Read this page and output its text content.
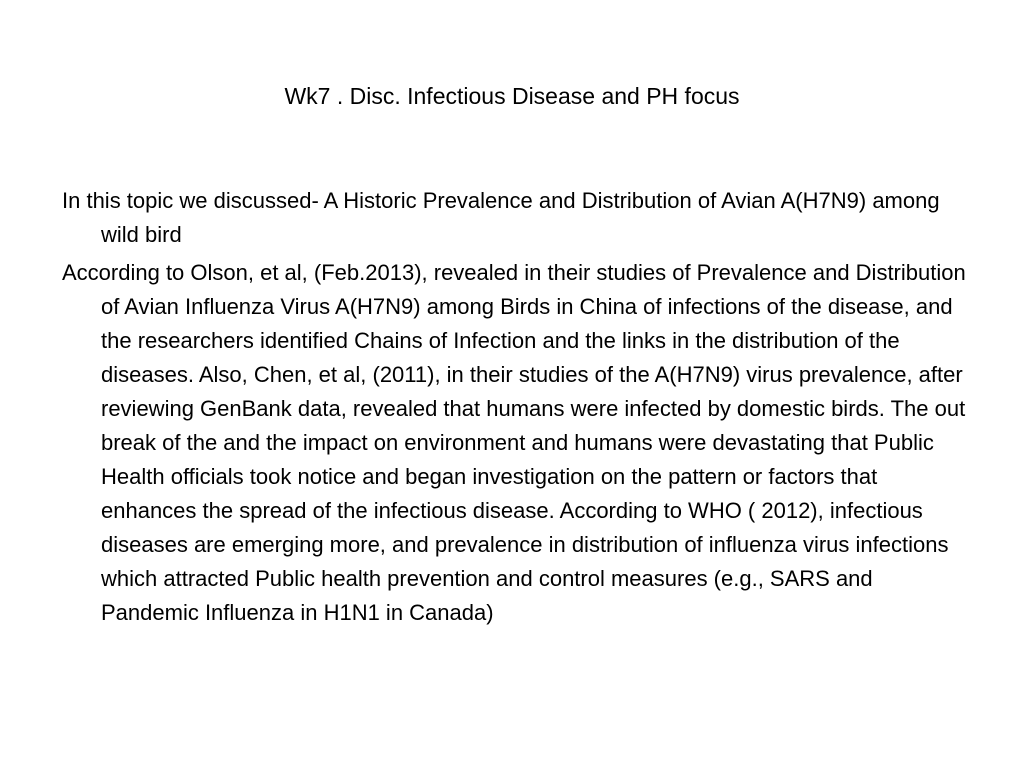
Wk7 . Disc. Infectious Disease and PH focus

In this topic we discussed- A Historic Prevalence and Distribution of Avian A(H7N9) among wild bird

According to Olson, et al, (Feb.2013), revealed in their studies of Prevalence and Distribution of Avian Influenza Virus A(H7N9) among Birds in China of infections of the disease, and the researchers identified Chains of Infection and the links in the distribution of the diseases. Also, Chen, et al, (2011), in their studies of the A(H7N9) virus prevalence, after reviewing GenBank data, revealed that humans were infected by domestic birds. The out break of the and the impact on environment and humans were devastating that Public Health officials took notice and began investigation on the pattern or factors that enhances the spread of the infectious disease. According to WHO ( 2012), infectious diseases are emerging more, and prevalence in distribution of influenza virus infections which attracted Public health prevention and control measures (e.g., SARS and Pandemic Influenza in H1N1 in Canada)
